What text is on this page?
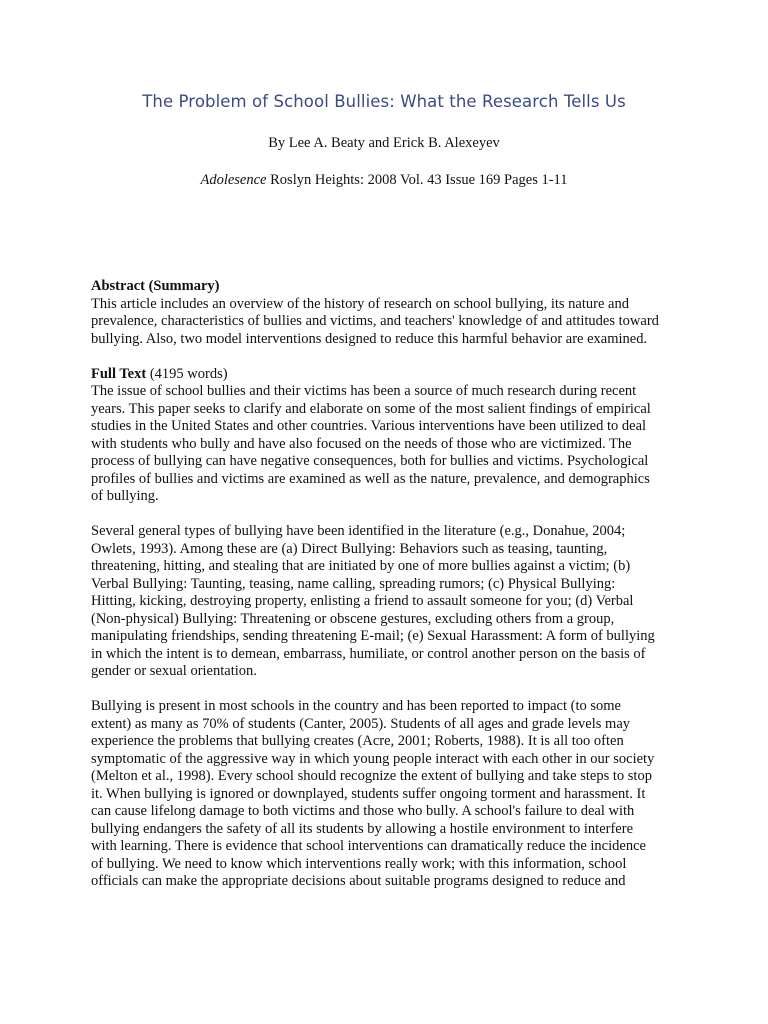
The Problem of School Bullies: What the Research Tells Us
By Lee A. Beaty and Erick B. Alexeyev
Adolesence Roslyn Heights: 2008 Vol. 43 Issue 169 Pages 1-11
Abstract (Summary)

This article includes an overview of the history of research on school bullying, its nature and prevalence, characteristics of bullies and victims, and teachers' knowledge of and attitudes toward bullying. Also, two model interventions designed to reduce this harmful behavior are examined.

Full Text (4195 words)

The issue of school bullies and their victims has been a source of much research during recent years. This paper seeks to clarify and elaborate on some of the most salient findings of empirical studies in the United States and other countries. Various interventions have been utilized to deal with students who bully and have also focused on the needs of those who are victimized. The process of bullying can have negative consequences, both for bullies and victims. Psychological profiles of bullies and victims are examined as well as the nature, prevalence, and demographics of bullying.

Several general types of bullying have been identified in the literature (e.g., Donahue, 2004; Owlets, 1993). Among these are (a) Direct Bullying: Behaviors such as teasing, taunting, threatening, hitting, and stealing that are initiated by one of more bullies against a victim; (b) Verbal Bullying: Taunting, teasing, name calling, spreading rumors; (c) Physical Bullying: Hitting, kicking, destroying property, enlisting a friend to assault someone for you; (d) Verbal (Non-physical) Bullying: Threatening or obscene gestures, excluding others from a group, manipulating friendships, sending threatening E-mail; (e) Sexual Harassment: A form of bullying in which the intent is to demean, embarrass, humiliate, or control another person on the basis of gender or sexual orientation.

Bullying is present in most schools in the country and has been reported to impact (to some extent) as many as 70% of students (Canter, 2005). Students of all ages and grade levels may experience the problems that bullying creates (Acre, 2001; Roberts, 1988). It is all too often symptomatic of the aggressive way in which young people interact with each other in our society (Melton et al., 1998). Every school should recognize the extent of bullying and take steps to stop it. When bullying is ignored or downplayed, students suffer ongoing torment and harassment. It can cause lifelong damage to both victims and those who bully. A school's failure to deal with bullying endangers the safety of all its students by allowing a hostile environment to interfere with learning. There is evidence that school interventions can dramatically reduce the incidence of bullying. We need to know which interventions really work; with this information, school officials can make the appropriate decisions about suitable programs designed to reduce and
